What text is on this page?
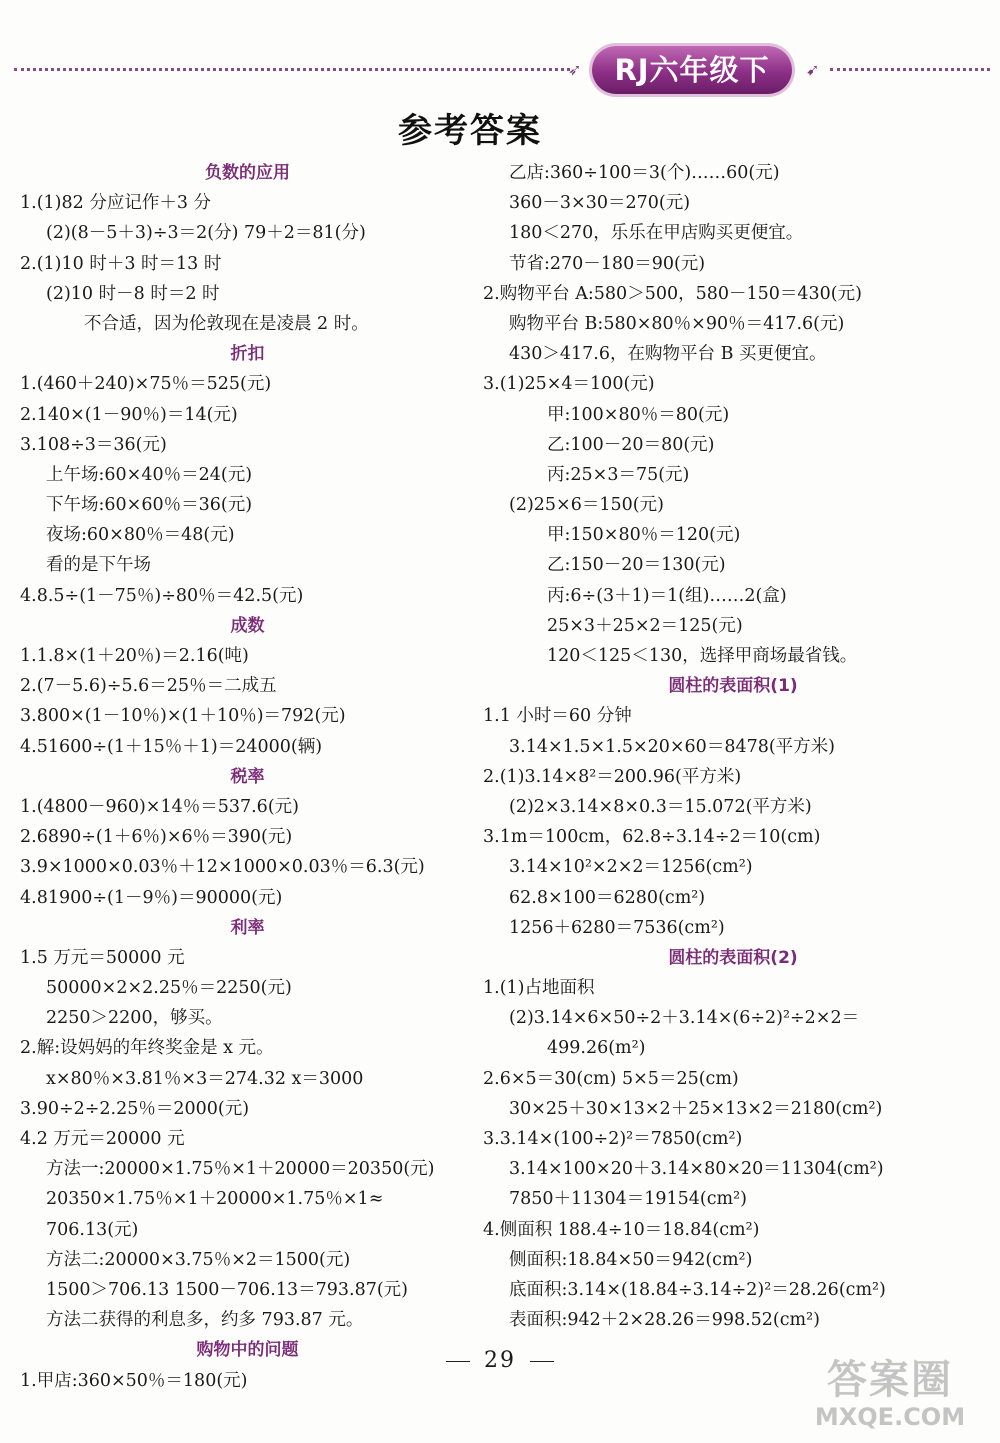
➶	RJ六年级下	➹
参考答案
负数的应用
1.(1)82 分应记作＋3 分
(2)(8－5＋3)÷3＝2(分) 79＋2＝81(分)
2.(1)10 时＋3 时＝13 时
(2)10 时－8 时＝2 时
不合适，因为伦敦现在是凌晨 2 时。
折扣
1.(460＋240)×75％＝525(元)
2.140×(1－90％)＝14(元)
3.108÷3＝36(元)
上午场:60×40％＝24(元)
下午场:60×60％＝36(元)
夜场:60×80％＝48(元)
看的是下午场
4.8.5÷(1－75％)÷80％＝42.5(元)
成数
1.1.8×(1＋20％)＝2.16(吨)
2.(7－5.6)÷5.6＝25％＝二成五
3.800×(1－10％)×(1＋10％)＝792(元)
4.51600÷(1＋15％＋1)＝24000(辆)
税率
1.(4800－960)×14％＝537.6(元)
2.6890÷(1＋6％)×6％＝390(元)
3.9×1000×0.03％＋12×1000×0.03％＝6.3(元)
4.81900÷(1－9％)＝90000(元)
利率
1.5 万元＝50000 元
50000×2×2.25％＝2250(元)
2250＞2200，够买。
2.解:设妈妈的年终奖金是 x 元。
x×80％×3.81％×3＝274.32 x＝3000
3.90÷2÷2.25％＝2000(元)
4.2 万元＝20000 元
方法一:20000×1.75％×1＋20000＝20350(元)
20350×1.75％×1＋20000×1.75％×1≈
706.13(元)
方法二:20000×3.75％×2＝1500(元)
1500＞706.13 1500－706.13＝793.87(元)
方法二获得的利息多，约多 793.87 元。
购物中的问题
1.甲店:360×50％＝180(元)
乙店:360÷100＝3(个)……60(元)
360－3×30＝270(元)
180＜270，乐乐在甲店购买更便宜。
节省:270－180＝90(元)
2.购物平台 A:580＞500，580－150＝430(元)
购物平台 B:580×80％×90％＝417.6(元)
430＞417.6，在购物平台 B 买更便宜。
3.(1)25×4＝100(元)
甲:100×80％＝80(元)
乙:100－20＝80(元)
丙:25×3＝75(元)
(2)25×6＝150(元)
甲:150×80％＝120(元)
乙:150－20＝130(元)
丙:6÷(3＋1)＝1(组)……2(盒)
25×3＋25×2＝125(元)
120＜125＜130，选择甲商场最省钱。
圆柱的表面积(1)
1.1 小时＝60 分钟
3.14×1.5×1.5×20×60＝8478(平方米)
2.(1)3.14×8²＝200.96(平方米)
(2)2×3.14×8×0.3＝15.072(平方米)
3.1m＝100cm，62.8÷3.14÷2＝10(cm)
3.14×10²×2×2＝1256(cm²)
62.8×100＝6280(cm²)
1256＋6280＝7536(cm²)
圆柱的表面积(2)
1.(1)占地面积
(2)3.14×6×50÷2＋3.14×(6÷2)²÷2×2＝
499.26(m²)
2.6×5＝30(cm) 5×5＝25(cm)
30×25＋30×13×2＋25×13×2＝2180(cm²)
3.3.14×(100÷2)²＝7850(cm²)
3.14×100×20＋3.14×80×20＝11304(cm²)
7850＋11304＝19154(cm²)
4.侧面积 188.4÷10＝18.84(cm²)
侧面积:18.84×50＝942(cm²)
底面积:3.14×(18.84÷3.14÷2)²＝28.26(cm²)
表面积:942＋2×28.26＝998.52(cm²)
29	答案圈
MXQE.COM
